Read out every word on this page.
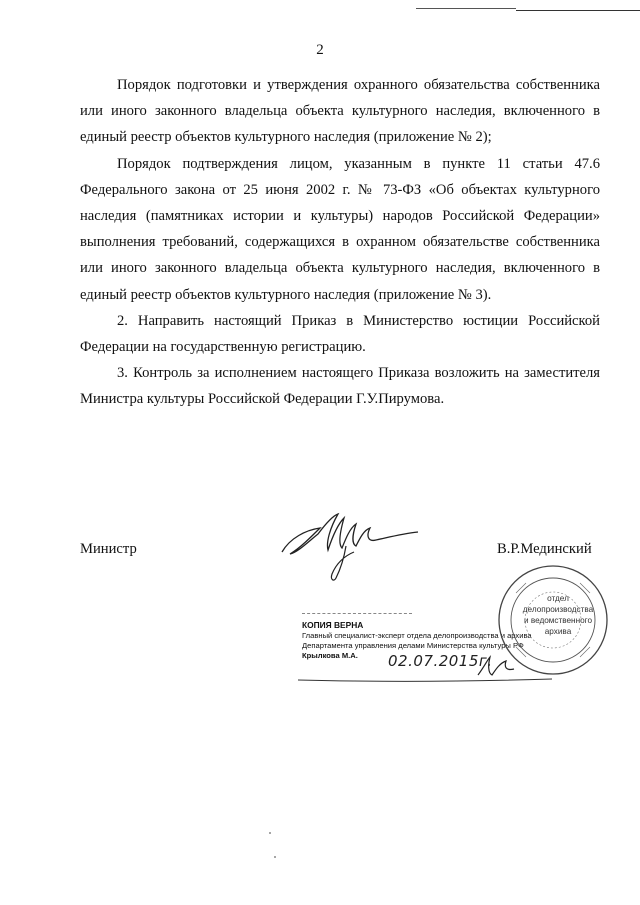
2

Порядок подготовки и утверждения охранного обязательства собственника или иного законного владельца объекта культурного наследия, включенного в единый реестр объектов культурного наследия (приложение № 2);

Порядок подтверждения лицом, указанным в пункте 11 статьи 47.6 Федерального закона от 25 июня 2002 г. № 73-ФЗ «Об объектах культурного наследия (памятниках истории и культуры) народов Российской Федерации» выполнения требований, содержащихся в охранном обязательстве собственника или иного законного владельца объекта культурного наследия, включенного в единый реестр объектов культурного наследия (приложение № 3).

2. Направить настоящий Приказ в Министерство юстиции Российской Федерации на государственную регистрацию.

3. Контроль за исполнением настоящего Приказа возложить на заместителя Министра культуры Российской Федерации Г.У.Пирумова.

Министр	В.Р.Мединский
КОПИЯ ВЕРНА
Главный специалист-эксперт отдела делопроизводства и архива
Департамента управления делами Министерства культуры РФ
Крылкова М.А.	02.07.2015г.
отдел
делопроизводства
и ведомственного
архива
